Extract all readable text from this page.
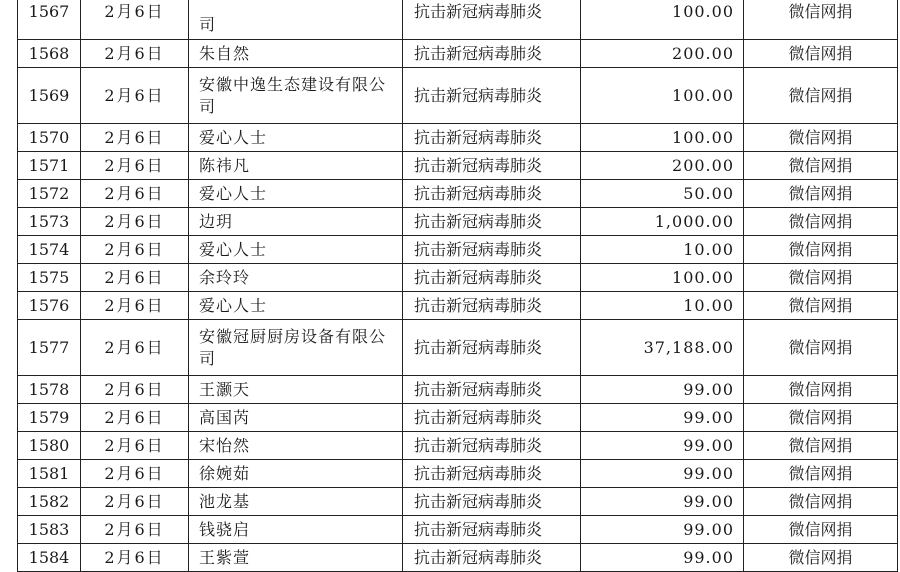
1567	2月6日	司	抗击新冠病毒肺炎	100.00	微信网捐
1568	2月6日	朱自然	抗击新冠病毒肺炎	200.00	微信网捐
1569	2月6日	安徽中逸生态建设有限公司	抗击新冠病毒肺炎	100.00	微信网捐
1570	2月6日	爱心人士	抗击新冠病毒肺炎	100.00	微信网捐
1571	2月6日	陈祎凡	抗击新冠病毒肺炎	200.00	微信网捐
1572	2月6日	爱心人士	抗击新冠病毒肺炎	50.00	微信网捐
1573	2月6日	边玥	抗击新冠病毒肺炎	1,000.00	微信网捐
1574	2月6日	爱心人士	抗击新冠病毒肺炎	10.00	微信网捐
1575	2月6日	余玲玲	抗击新冠病毒肺炎	100.00	微信网捐
1576	2月6日	爱心人士	抗击新冠病毒肺炎	10.00	微信网捐
1577	2月6日	安徽冠厨厨房设备有限公司	抗击新冠病毒肺炎	37,188.00	微信网捐
1578	2月6日	王灏天	抗击新冠病毒肺炎	99.00	微信网捐
1579	2月6日	高国芮	抗击新冠病毒肺炎	99.00	微信网捐
1580	2月6日	宋怡然	抗击新冠病毒肺炎	99.00	微信网捐
1581	2月6日	徐婉茹	抗击新冠病毒肺炎	99.00	微信网捐
1582	2月6日	池龙基	抗击新冠病毒肺炎	99.00	微信网捐
1583	2月6日	钱骁启	抗击新冠病毒肺炎	99.00	微信网捐
1584	2月6日	王紫萱	抗击新冠病毒肺炎	99.00	微信网捐
